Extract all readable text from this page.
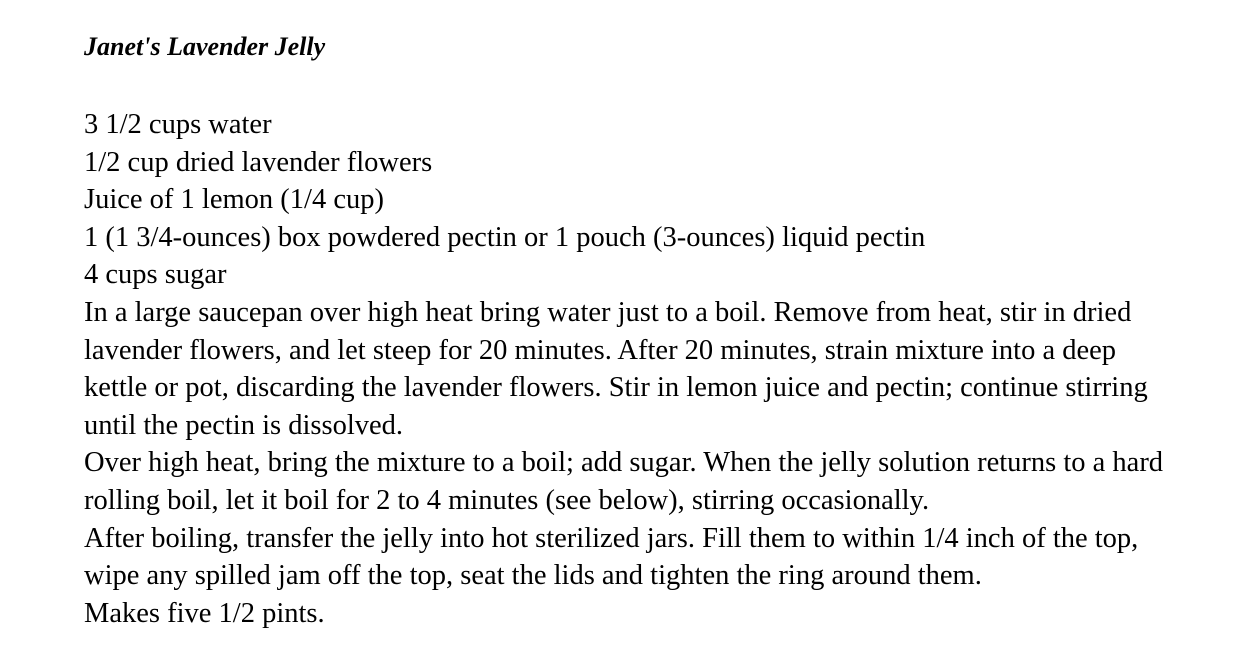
Janet's Lavender Jelly
3 1/2 cups water
1/2 cup dried lavender flowers
Juice of 1 lemon (1/4 cup)
1 (1 3/4-ounces) box powdered pectin or 1 pouch (3-ounces) liquid pectin
4 cups sugar

In a large saucepan over high heat bring water just to a boil. Remove from heat, stir in dried lavender flowers, and let steep for 20 minutes. After 20 minutes, strain mixture into a deep kettle or pot, discarding the lavender flowers. Stir in lemon juice and pectin; continue stirring until the pectin is dissolved.

Over high heat, bring the mixture to a boil; add sugar. When the jelly solution returns to a hard rolling boil, let it boil for 2 to 4 minutes (see below), stirring occasionally.

After boiling, transfer the jelly into hot sterilized jars. Fill them to within 1/4 inch of the top, wipe any spilled jam off the top, seat the lids and tighten the ring around them.

Makes five 1/2 pints.
